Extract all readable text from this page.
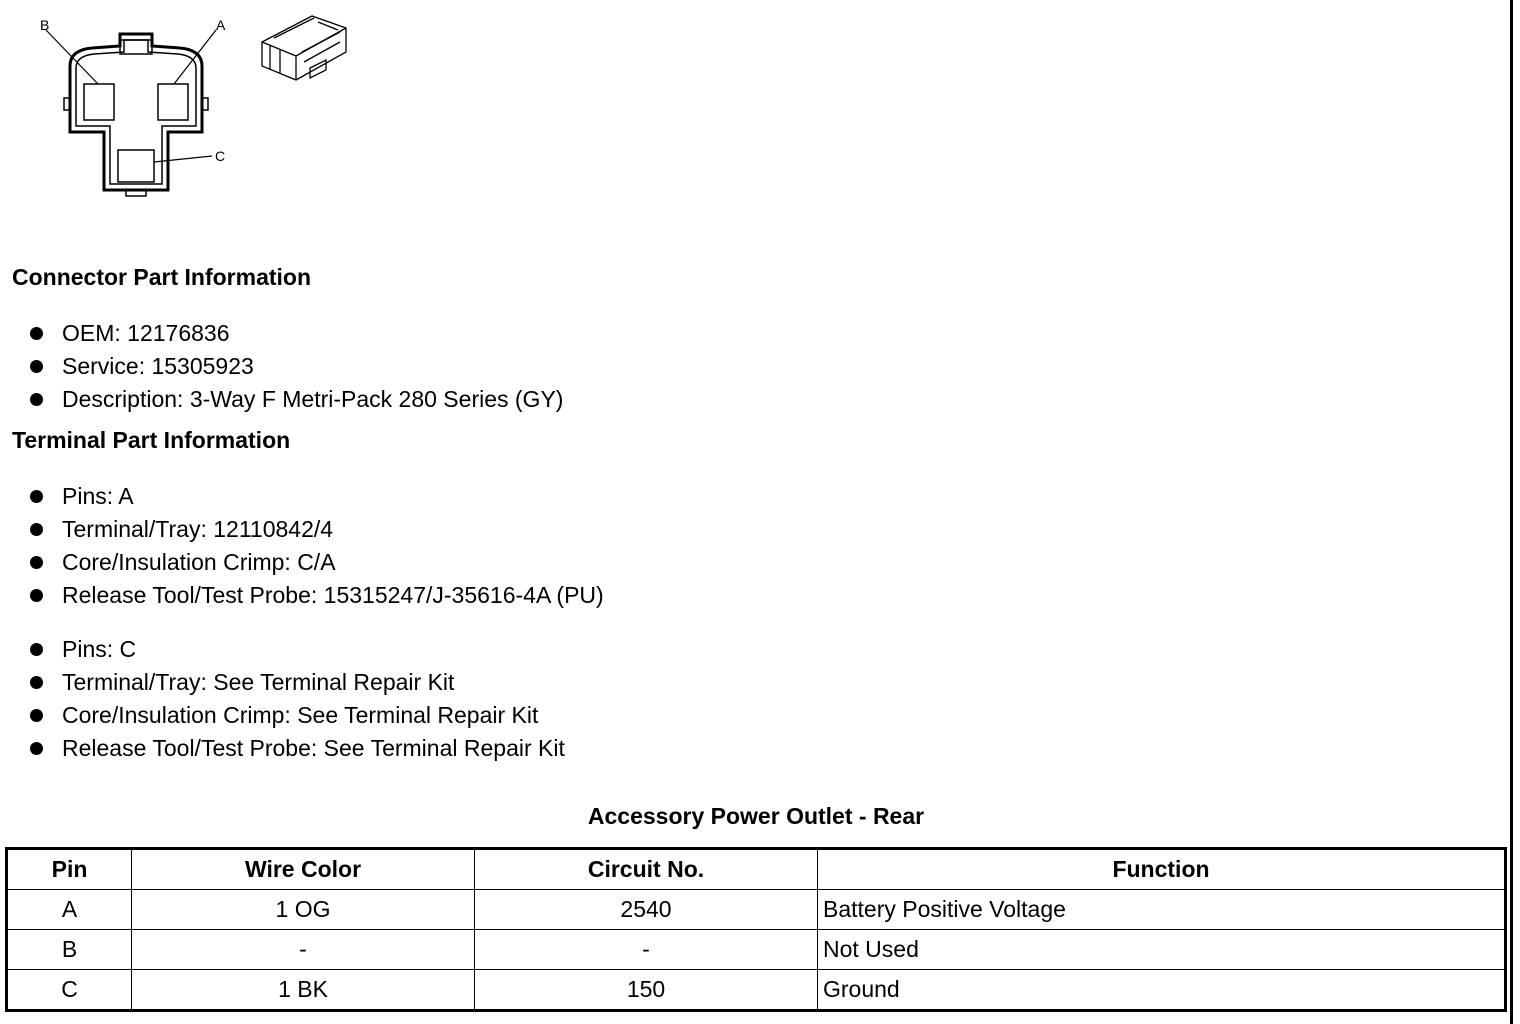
B	A
C
Connector Part Information
OEM: 12176836
Service: 15305923
Description: 3-Way F Metri-Pack 280 Series (GY)
Terminal Part Information
Pins: A
Terminal/Tray: 12110842/4
Core/Insulation Crimp: C/A
Release Tool/Test Probe: 15315247/J-35616-4A (PU)
Pins: C
Terminal/Tray: See Terminal Repair Kit
Core/Insulation Crimp: See Terminal Repair Kit
Release Tool/Test Probe: See Terminal Repair Kit
Accessory Power Outlet - Rear
Pin	Wire Color	Circuit No.	Function
A	1 OG	2540	Battery Positive Voltage
B	-	-	Not Used
C	1 BK	150	Ground
